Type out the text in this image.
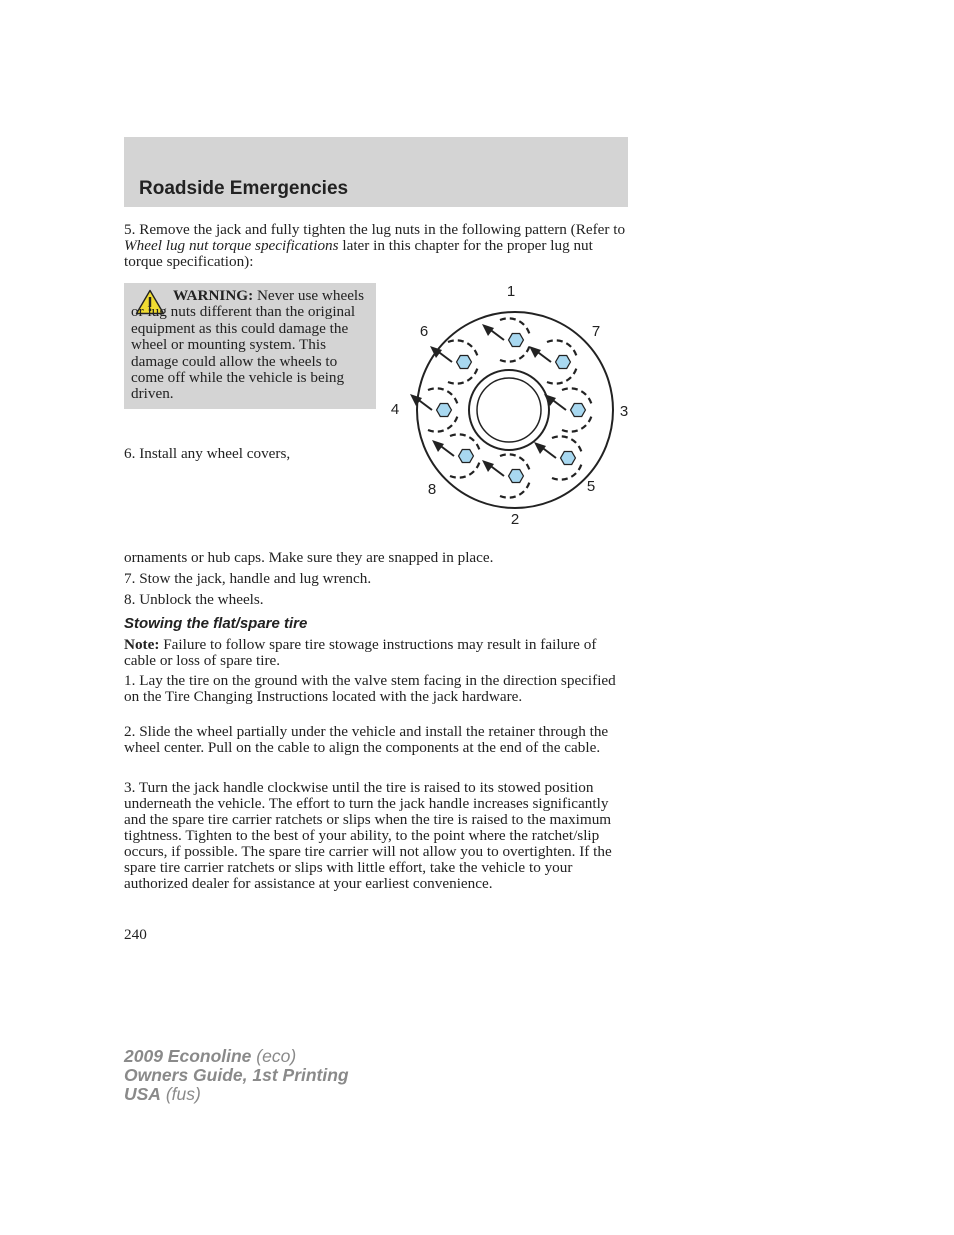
Roadside Emergencies
5. Remove the jack and fully tighten the lug nuts in the following pattern (Refer to Wheel lug nut torque specifications later in this chapter for the proper lug nut torque specification):
WARNING: Never use wheels or lug nuts different than the original equipment as this could damage the wheel or mounting system. This damage could allow the wheels to come off while the vehicle is being driven.
6. Install any wheel covers,
1
2
3
4
5
6	7
8
ornaments or hub caps. Make sure they are snapped in place.
7. Stow the jack, handle and lug wrench.
8. Unblock the wheels.
Stowing the flat/spare tire
Note: Failure to follow spare tire stowage instructions may result in failure of cable or loss of spare tire.
1. Lay the tire on the ground with the valve stem facing in the direction specified on the Tire Changing Instructions located with the jack hardware.
2. Slide the wheel partially under the vehicle and install the retainer through the wheel center. Pull on the cable to align the components at the end of the cable.
3. Turn the jack handle clockwise until the tire is raised to its stowed position underneath the vehicle. The effort to turn the jack handle increases significantly and the spare tire carrier ratchets or slips when the tire is raised to the maximum tightness. Tighten to the best of your ability, to the point where the ratchet/slip occurs, if possible. The spare tire carrier will not allow you to overtighten. If the spare tire carrier ratchets or slips with little effort, take the vehicle to your authorized dealer for assistance at your earliest convenience.
240
2009 Econoline (eco)
Owners Guide, 1st Printing
USA (fus)
